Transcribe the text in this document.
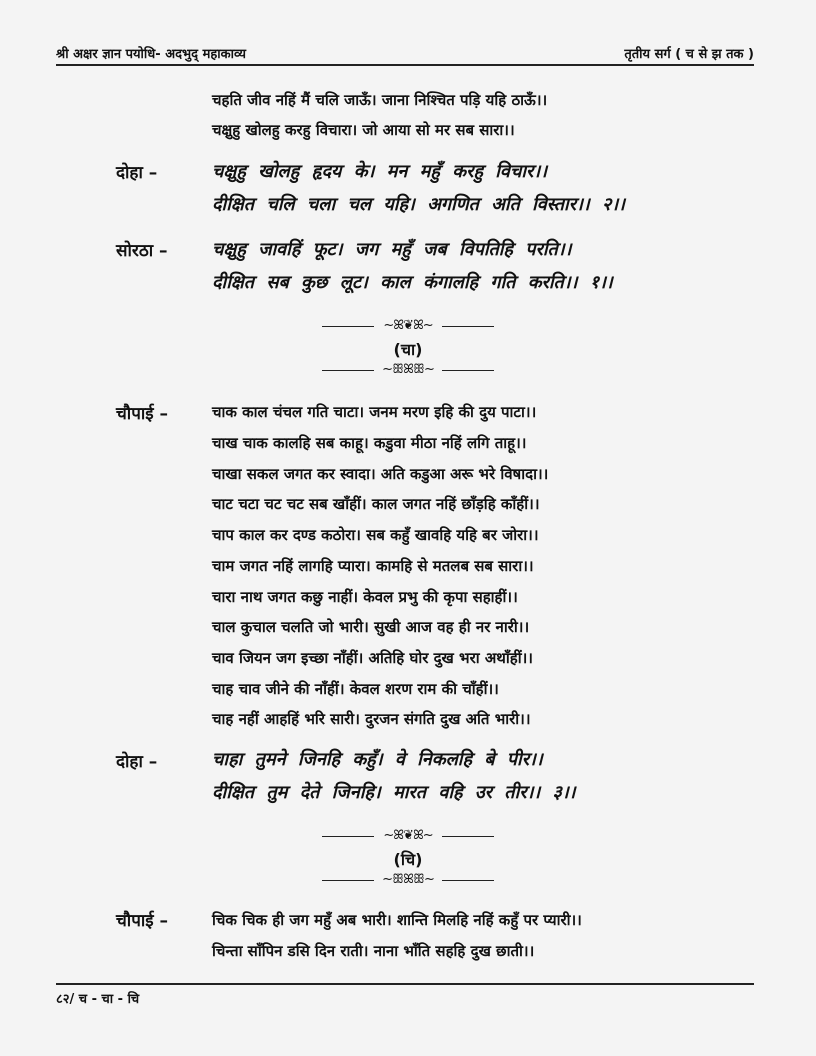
श्री अक्षर ज्ञान पयोधि- अदभुद् महाकाव्य	तृतीय सर्ग ( च से झ तक )
चहति जीव नहिं मैं चलि जाऊँ। जाना निश्चित पड़ि यहि ठाऊँ।।
चक्षुहु खोलहु करहु विचारा। जो आया सो मर सब सारा।।
दोहा –	चक्षुहु खोलहु हृदय के। मन महुँ करहु विचार।।
दीक्षित चलि चला चल यहि। अगणित अति विस्तार।। २।।
सोरठा – चक्षुहु जावहिं फूट। जग महुँ जब विपतिहि परति।।
दीक्षित सब कुछ लूट। काल कंगालहि गति करति।। १।।
~ꕤ❦ꕤ~
(चा)
~ꕥꕤꕥ~
चौपाई –	चाक काल चंचल गति चाटा। जनम मरण इहि की दुय पाटा।।
चाख चाक कालहि सब काहू। कडुवा मीठा नहिं लगि ताहू।।
चाखा सकल जगत कर स्वादा। अति कडुआ अरू भरे विषादा।।
चाट चटा चट चट सब खाँहीं। काल जगत नहिं छाँड़हि काँहीं।।
चाप काल कर दण्ड कठोरा। सब कहुँ खावहि यहि बर जोरा।।
चाम जगत नहिं लागहि प्यारा। कामहि से मतलब सब सारा।।
चारा नाथ जगत कछु नाहीं। केवल प्रभु की कृपा सहाहीं।।
चाल कुचाल चलति जो भारी। सुखी आज वह ही नर नारी।।
चाव जियन जग इच्छा नाँहीं। अतिहि घोर दुख भरा अथाँहीं।।
चाह चाव जीने की नाँहीं। केवल शरण राम की चाँहीं।।
चाह नहीं आहहिं भरि सारी। दुरजन संगति दुख अति भारी।।
दोहा –	चाहा तुमने जिनहि कहुँ। वे निकलहि बे पीर।।
दीक्षित तुम देते जिनहि। मारत वहि उर तीर।। ३।।
~ꕤ❦ꕤ~
(चि)
~ꕥꕤꕥ~
चौपाई –	चिक चिक ही जग महुँ अब भारी। शान्ति मिलहि नहिं कहुँ पर प्यारी।।
चिन्ता साँपिन डसि दिन राती। नाना भाँति सहहि दुख छाती।।
८२/ च - चा - चि
